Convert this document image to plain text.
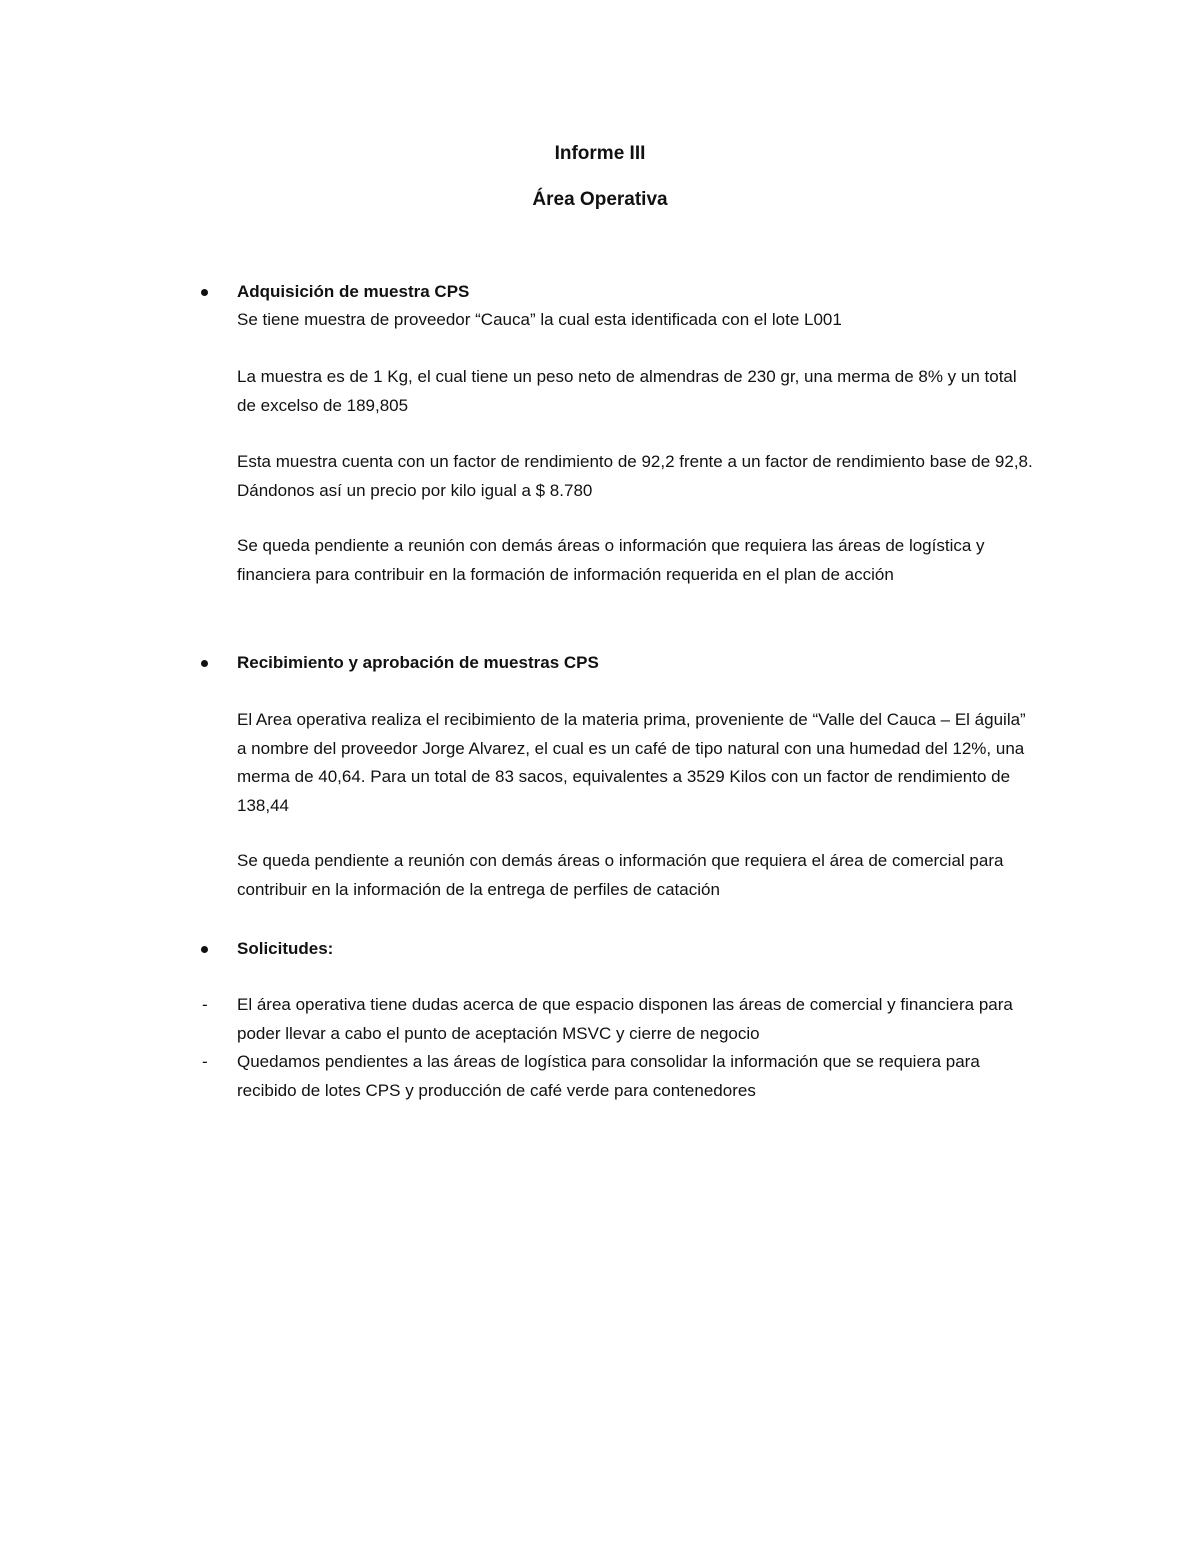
Informe III
Área Operativa
Adquisición de muestra CPS

Se tiene muestra de proveedor “Cauca” la cual esta identificada con el lote L001

La muestra es de 1 Kg, el cual tiene un peso neto de almendras de 230 gr, una merma de 8% y un total de excelso de 189,805

Esta muestra cuenta con un factor de rendimiento de 92,2 frente a un factor de rendimiento base de 92,8. Dándonos así un precio por kilo igual a $ 8.780

Se queda pendiente a reunión con demás áreas o información que requiera las áreas de logística y financiera para contribuir en la formación de información requerida en el plan de acción

Recibimiento y aprobación de muestras CPS

El Area operativa realiza el recibimiento de la materia prima, proveniente de “Valle del Cauca – El águila” a nombre del proveedor Jorge Alvarez, el cual es un café de tipo natural con una humedad del 12%, una merma de 40,64. Para un total de 83 sacos, equivalentes a 3529 Kilos con un factor de rendimiento de 138,44

Se queda pendiente a reunión con demás áreas o información que requiera el área de comercial para contribuir en la información de la entrega de perfiles de catación

Solicitudes:
- El área operativa tiene dudas acerca de que espacio disponen las áreas de comercial y financiera para poder llevar a cabo el punto de aceptación MSVC y cierre de negocio

- Quedamos pendientes a las áreas de logística para consolidar la información que se requiera para recibido de lotes CPS y producción de café verde para contenedores
